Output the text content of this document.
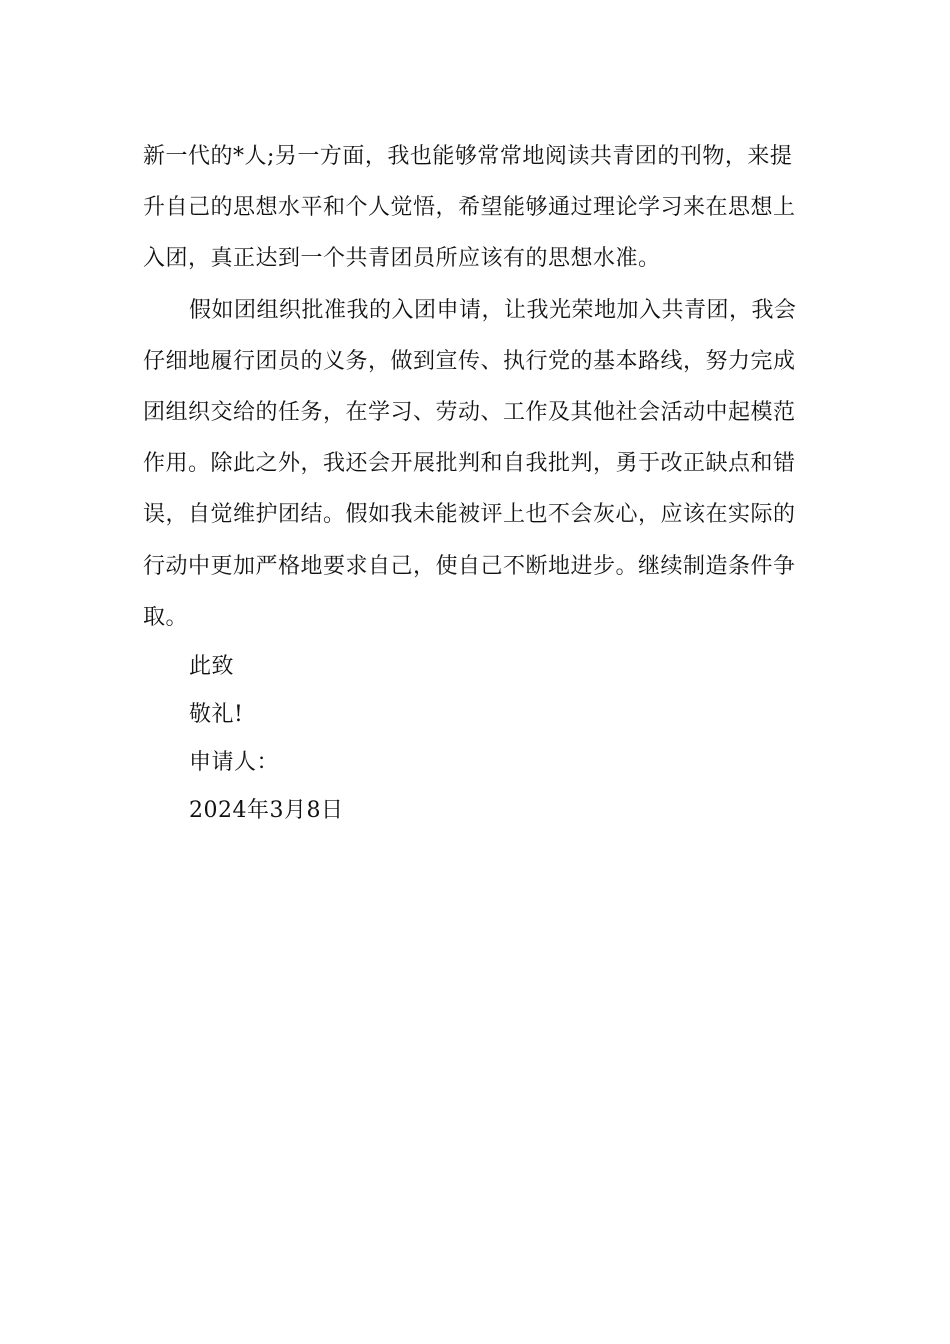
新一代的*人;另一方面，我也能够常常地阅读共青团的刊物，来提
升自己的思想水平和个人觉悟，希望能够通过理论学习来在思想上
入团，真正达到一个共青团员所应该有的思想水准。

假如团组织批准我的入团申请，让我光荣地加入共青团，我会
仔细地履行团员的义务，做到宣传、执行党的基本路线，努力完成
团组织交给的任务，在学习、劳动、工作及其他社会活动中起模范
作用。除此之外，我还会开展批判和自我批判，勇于改正缺点和错
误，自觉维护团结。假如我未能被评上也不会灰心，应该在实际的
行动中更加严格地要求自己，使自己不断地进步。继续制造条件争
取。

此致

敬礼!

申请人：

2024年3月8日
